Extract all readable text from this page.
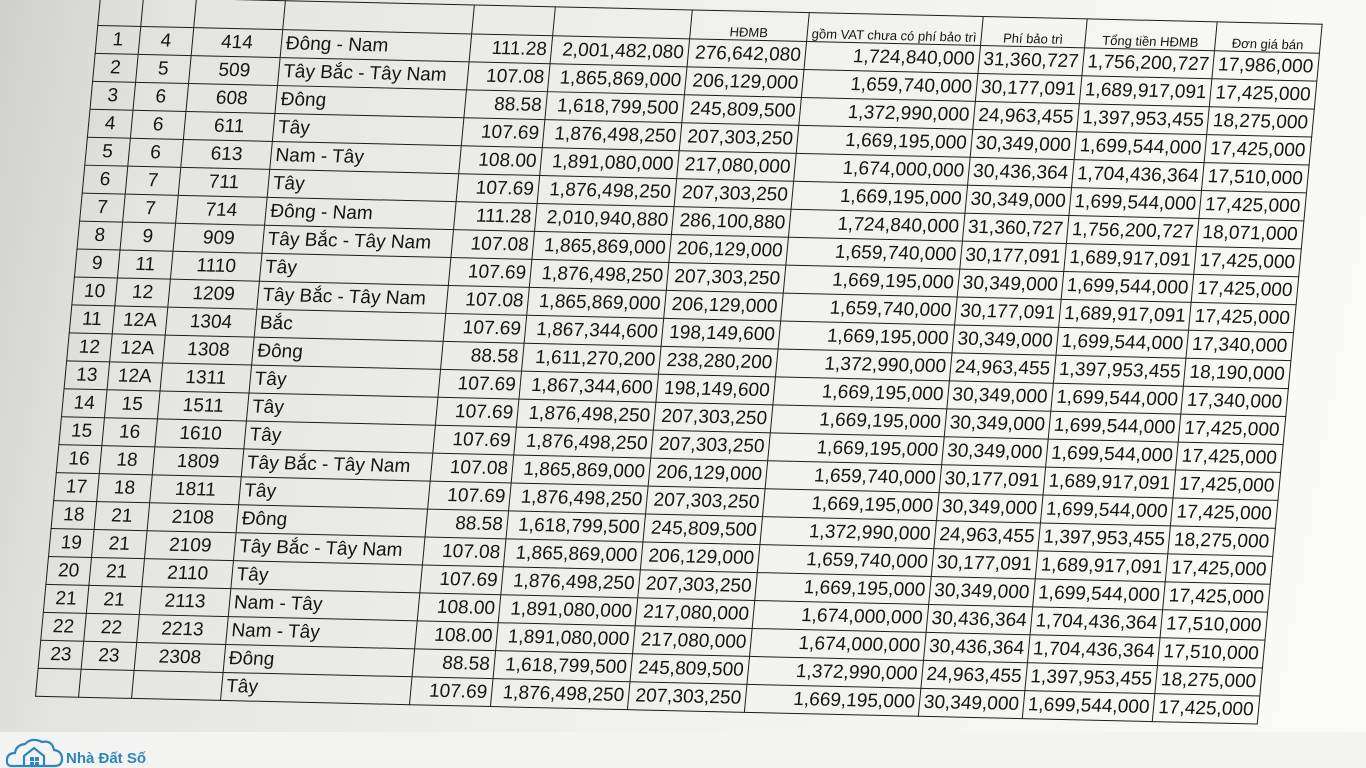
						HĐMB	gồm VAT chưa có phí bảo trì	Phí bảo trì	Tổng tiền HĐMB	Đơn giá bán
1	4	414	Đông - Nam	111.28	2,001,482,080	276,642,080	1,724,840,000	31,360,727	1,756,200,727	17,986,000
2	5	509	Tây Bắc - Tây Nam	107.08	1,865,869,000	206,129,000	1,659,740,000	30,177,091	1,689,917,091	17,425,000
3	6	608	Đông	88.58	1,618,799,500	245,809,500	1,372,990,000	24,963,455	1,397,953,455	18,275,000
4	6	611	Tây	107.69	1,876,498,250	207,303,250	1,669,195,000	30,349,000	1,699,544,000	17,425,000
5	6	613	Nam - Tây	108.00	1,891,080,000	217,080,000	1,674,000,000	30,436,364	1,704,436,364	17,510,000
6	7	711	Tây	107.69	1,876,498,250	207,303,250	1,669,195,000	30,349,000	1,699,544,000	17,425,000
7	7	714	Đông - Nam	111.28	2,010,940,880	286,100,880	1,724,840,000	31,360,727	1,756,200,727	18,071,000
8	9	909	Tây Bắc - Tây Nam	107.08	1,865,869,000	206,129,000	1,659,740,000	30,177,091	1,689,917,091	17,425,000
9	11	1110	Tây	107.69	1,876,498,250	207,303,250	1,669,195,000	30,349,000	1,699,544,000	17,425,000
10	12	1209	Tây Bắc - Tây Nam	107.08	1,865,869,000	206,129,000	1,659,740,000	30,177,091	1,689,917,091	17,425,000
11	12A	1304	Bắc	107.69	1,867,344,600	198,149,600	1,669,195,000	30,349,000	1,699,544,000	17,340,000
12	12A	1308	Đông	88.58	1,611,270,200	238,280,200	1,372,990,000	24,963,455	1,397,953,455	18,190,000
13	12A	1311	Tây	107.69	1,867,344,600	198,149,600	1,669,195,000	30,349,000	1,699,544,000	17,340,000
14	15	1511	Tây	107.69	1,876,498,250	207,303,250	1,669,195,000	30,349,000	1,699,544,000	17,425,000
15	16	1610	Tây	107.69	1,876,498,250	207,303,250	1,669,195,000	30,349,000	1,699,544,000	17,425,000
16	18	1809	Tây Bắc - Tây Nam	107.08	1,865,869,000	206,129,000	1,659,740,000	30,177,091	1,689,917,091	17,425,000
17	18	1811	Tây	107.69	1,876,498,250	207,303,250	1,669,195,000	30,349,000	1,699,544,000	17,425,000
18	21	2108	Đông	88.58	1,618,799,500	245,809,500	1,372,990,000	24,963,455	1,397,953,455	18,275,000
19	21	2109	Tây Bắc - Tây Nam	107.08	1,865,869,000	206,129,000	1,659,740,000	30,177,091	1,689,917,091	17,425,000
20	21	2110	Tây	107.69	1,876,498,250	207,303,250	1,669,195,000	30,349,000	1,699,544,000	17,425,000
21	21	2113	Nam - Tây	108.00	1,891,080,000	217,080,000	1,674,000,000	30,436,364	1,704,436,364	17,510,000
22	22	2213	Nam - Tây	108.00	1,891,080,000	217,080,000	1,674,000,000	30,436,364	1,704,436,364	17,510,000
23	23	2308	Đông	88.58	1,618,799,500	245,809,500	1,372,990,000	24,963,455	1,397,953,455	18,275,000
			Tây	107.69	1,876,498,250	207,303,250	1,669,195,000	30,349,000	1,699,544,000	17,425,000
Nhà Đất Số
